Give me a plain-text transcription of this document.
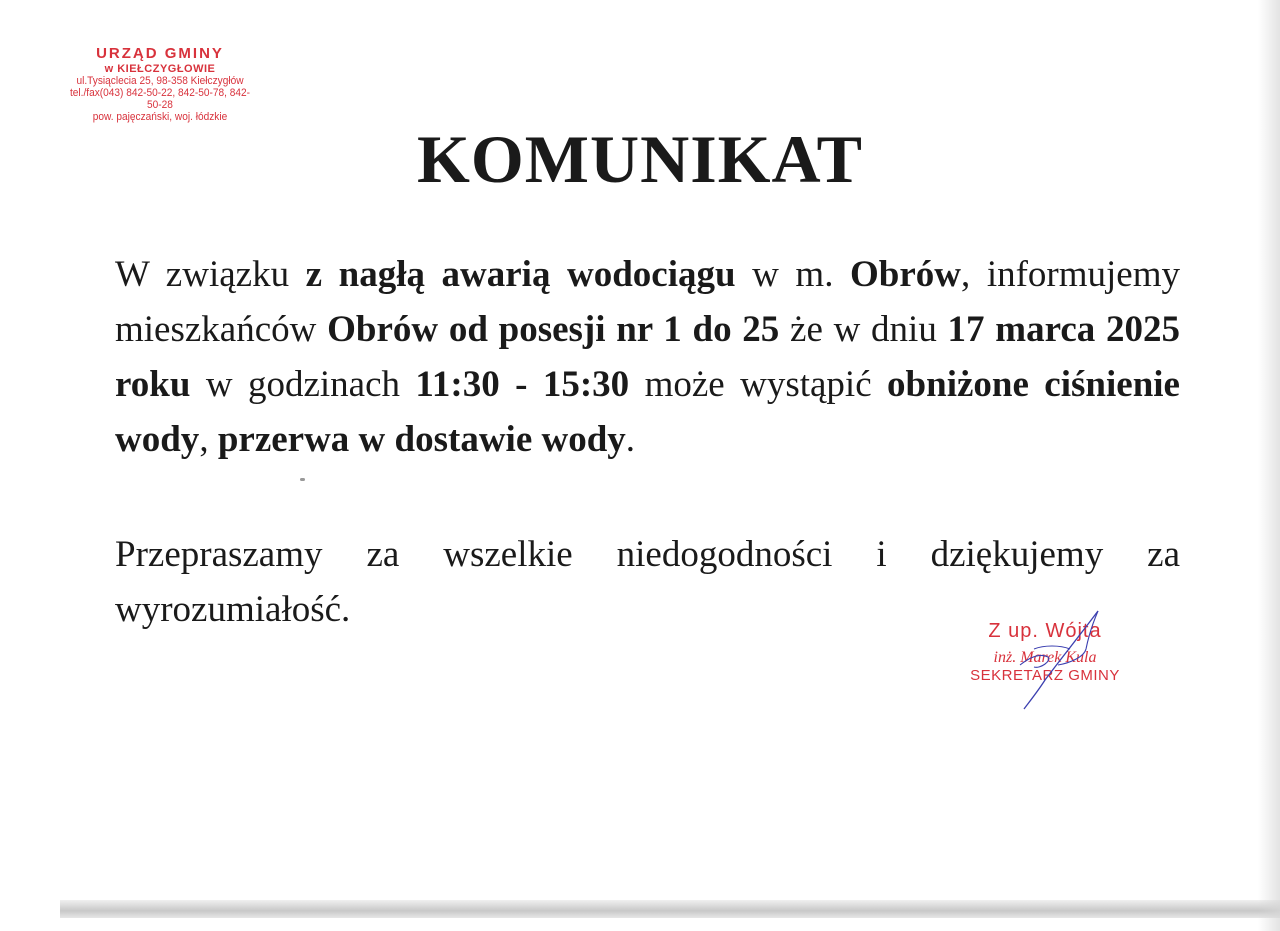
URZĄD GMINY
w KIEŁCZYGŁOWIE
ul.Tysiąclecia 25, 98-358 Kiełczygłów
tel./fax(043) 842-50-22, 842-50-78, 842-50-28
pow. pajęczański, woj. łódzkie
KOMUNIKAT
W związku z nagłą awarią wodociągu w m. Obrów, informujemy mieszkańców Obrów od posesji nr 1 do 25 że w dniu 17 marca 2025 roku w godzinach 11:30 - 15:30 może wystąpić obniżone ciśnienie wody, przerwa w dostawie wody.
Przepraszamy za wszelkie niedogodności i dziękujemy za wyrozumiałość.
Z up. Wójta
inż. Marek Kula
SEKRETARZ GMINY
